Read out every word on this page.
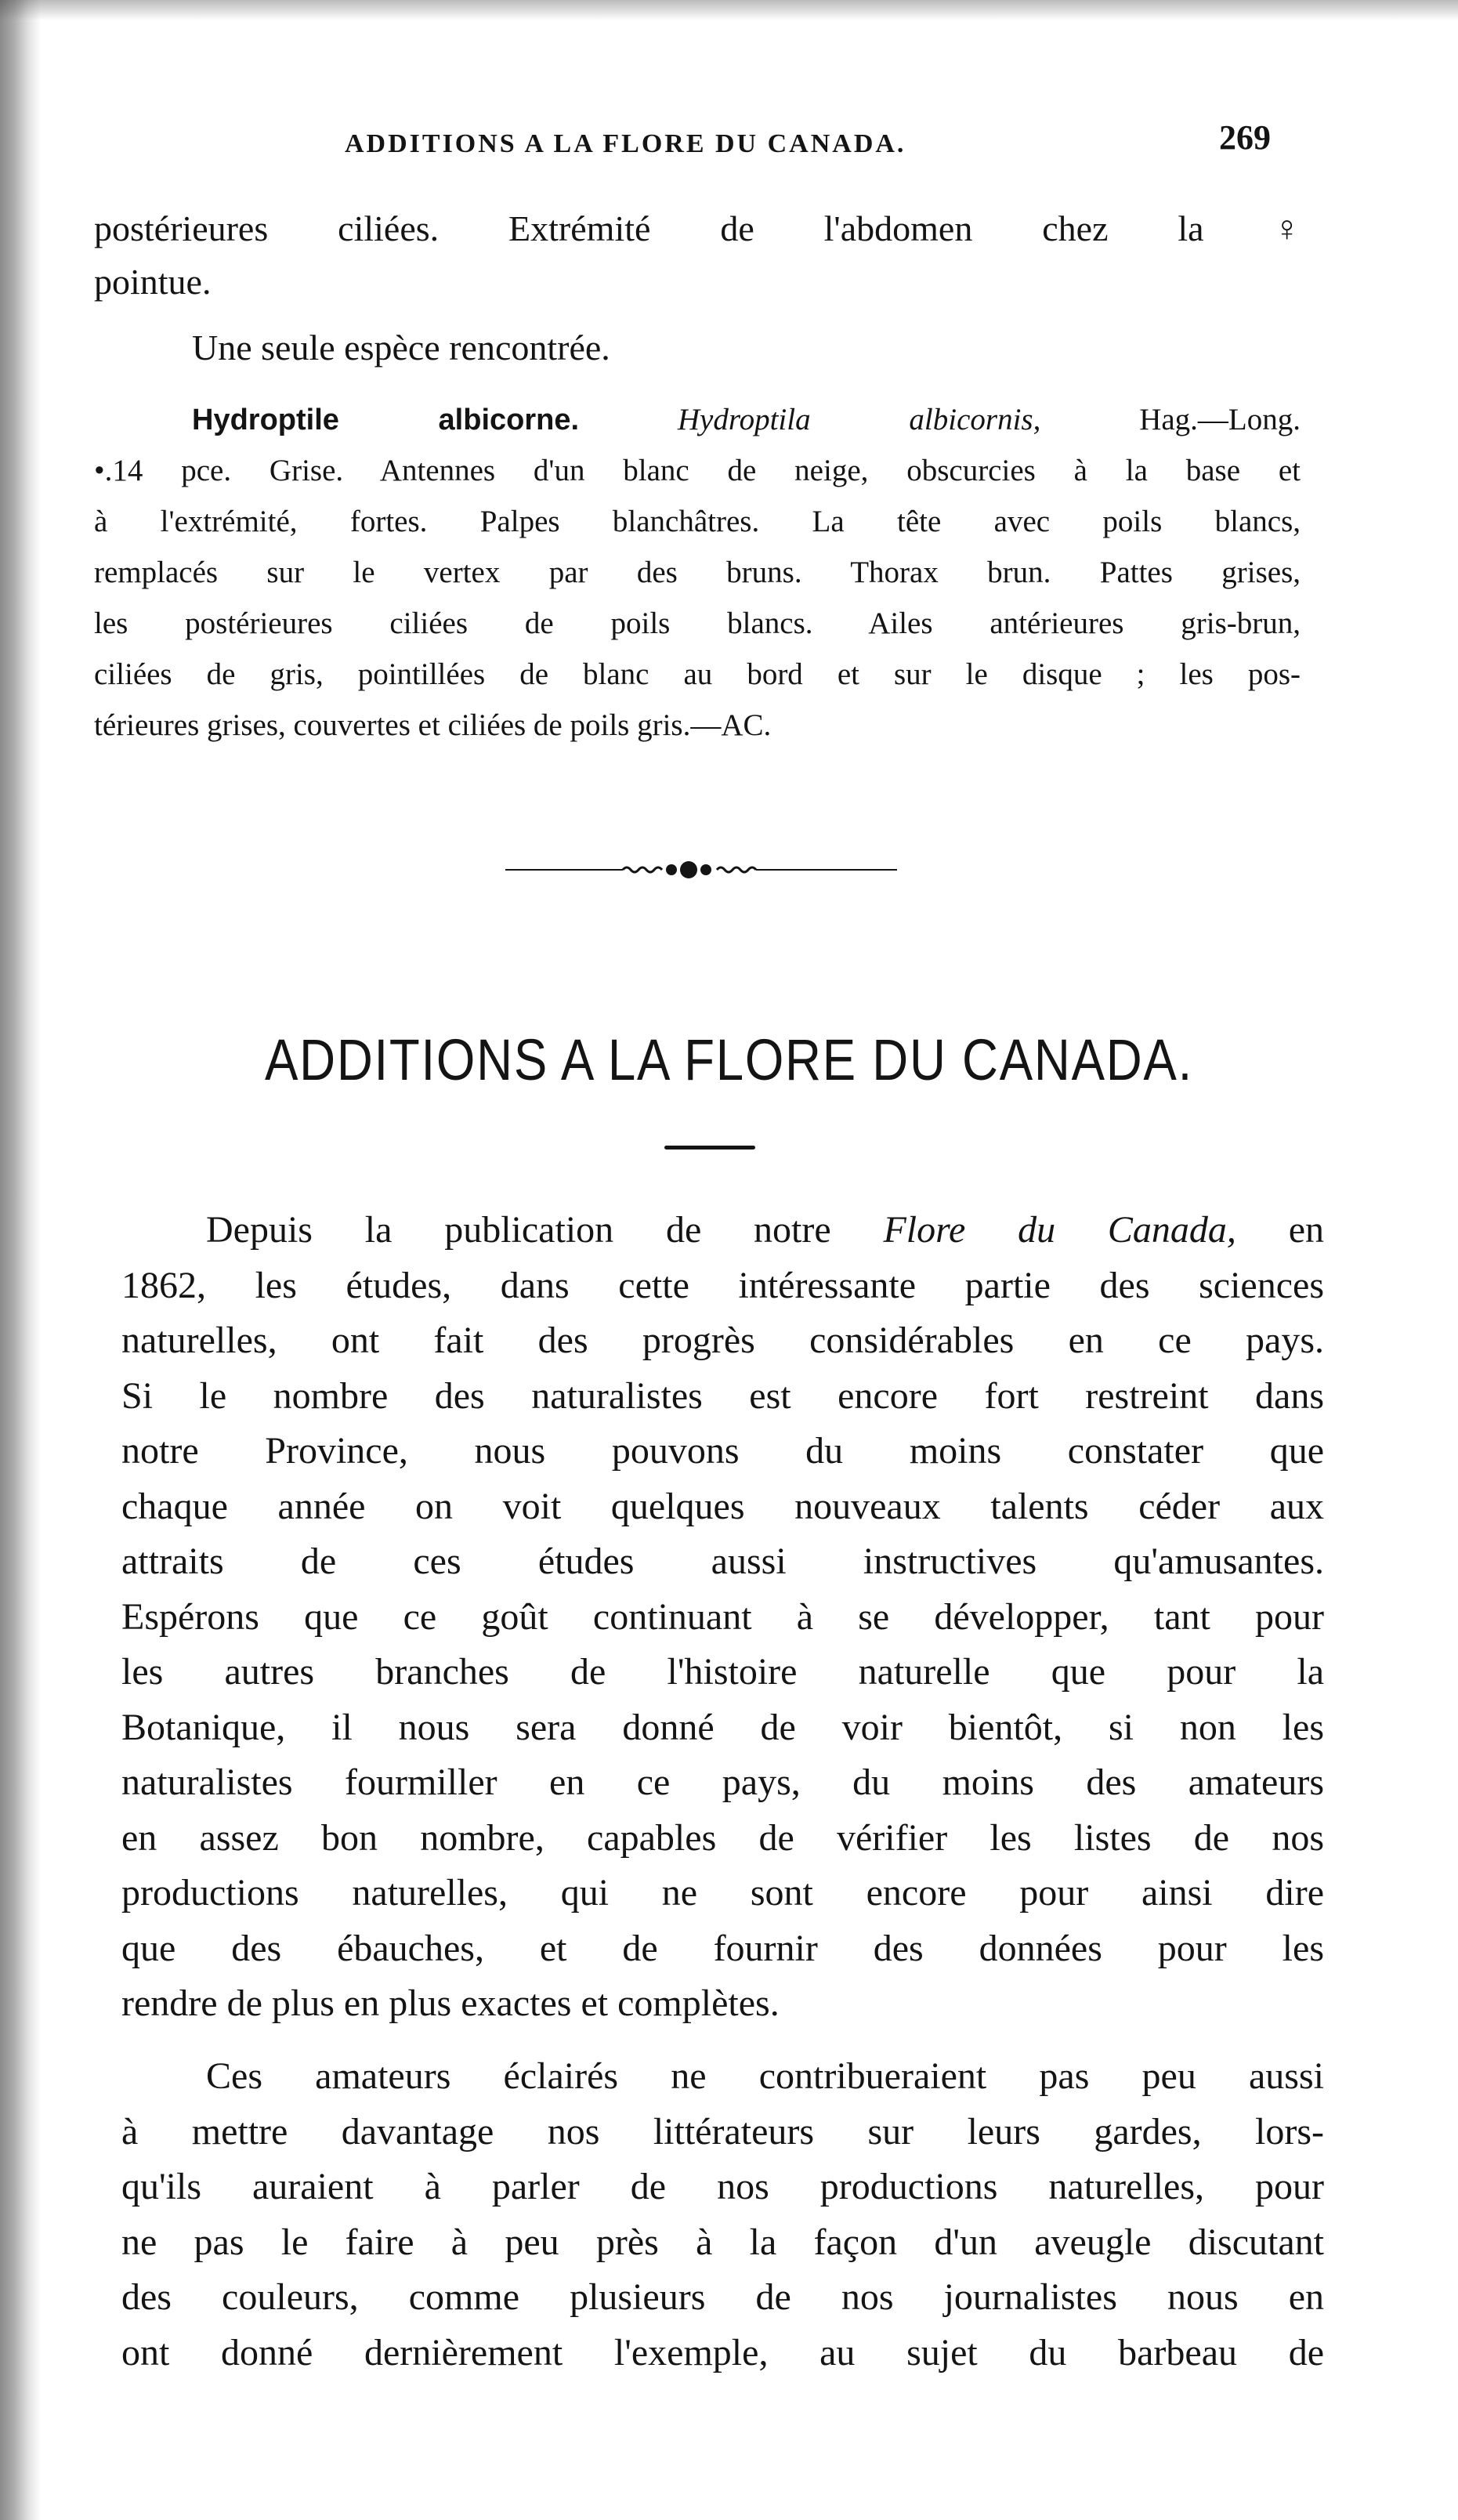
ADDITIONS A LA FLORE DU CANADA.	269
postérieures ciliées. Extrémité de l'abdomen chez la ♀
pointue.
Une seule espèce rencontrée.
Hydroptile albicorne.	Hydroptila albicornis,	Hag.—Long.
•.14 pce. Grise. Antennes d'un blanc de neige, obscurcies à la base et
à l'extrémité, fortes. Palpes blanchâtres. La tête avec poils blancs,
remplacés sur le vertex par des bruns. Thorax brun. Pattes grises,
les postérieures ciliées de poils blancs. Ailes antérieures gris-brun,
ciliées de gris, pointillées de blanc au bord et sur le disque ; les pos-
térieures grises, couvertes et ciliées de poils gris.—AC.
ADDITIONS A LA FLORE DU CANADA.
Depuis la publication de notre Flore du Canada, en
1862, les études, dans cette intéressante partie des sciences
naturelles, ont fait des progrès considérables en ce pays.
Si le nombre des naturalistes est encore fort restreint dans
notre Province, nous pouvons du moins constater que
chaque année on voit quelques nouveaux talents céder aux
attraits de ces études aussi instructives qu'amusantes.
Espérons que ce goût continuant à se développer, tant pour
les autres branches de l'histoire naturelle que pour la
Botanique, il nous sera donné de voir bientôt, si non les
naturalistes fourmiller en ce pays, du moins des amateurs
en assez bon nombre, capables de vérifier les listes de nos
productions naturelles, qui ne sont encore pour ainsi dire
que des ébauches, et de fournir des données pour les
rendre de plus en plus exactes et complètes.
Ces amateurs éclairés ne contribueraient pas peu aussi
à mettre davantage nos littérateurs sur leurs gardes, lors-
qu'ils auraient à parler de nos productions naturelles, pour
ne pas le faire à peu près à la façon d'un aveugle discutant
des couleurs, comme plusieurs de nos journalistes nous en
ont donné dernièrement l'exemple, au sujet du barbeau de
